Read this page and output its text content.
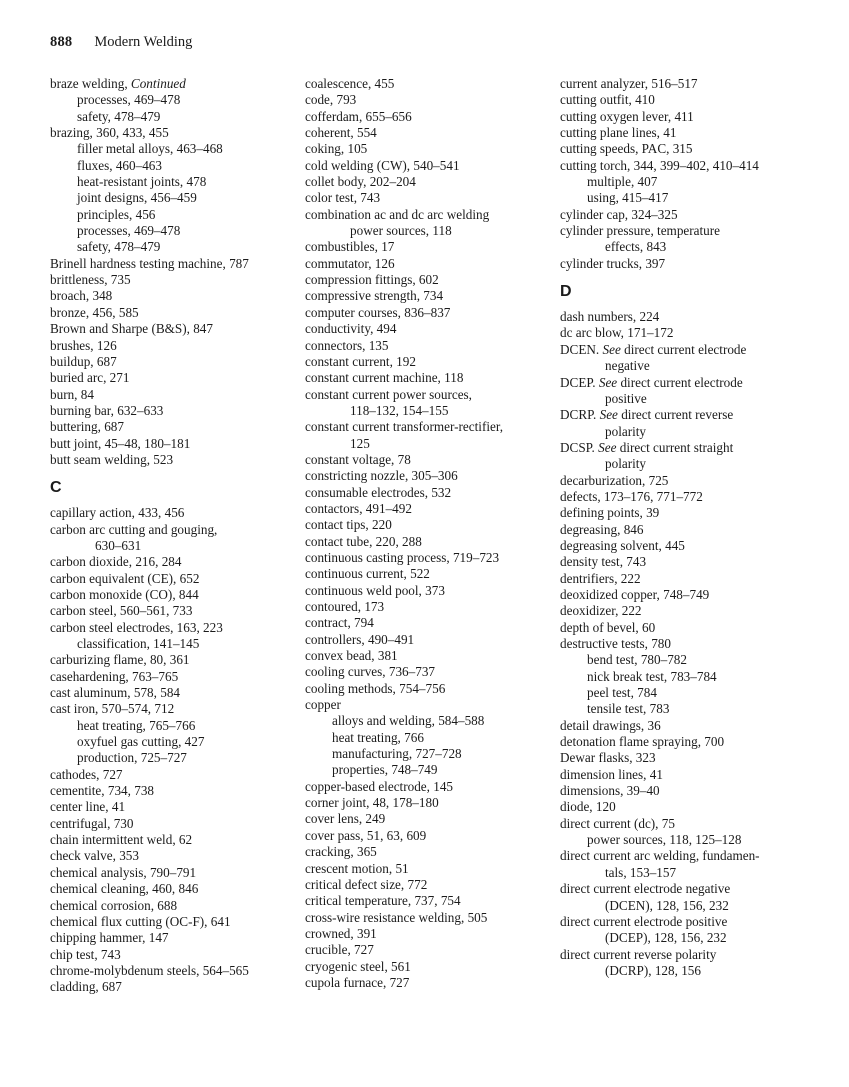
888 Modern Welding
braze welding, Continued
processes, 469–478
safety, 478–479
brazing, 360, 433, 455
filler metal alloys, 463–468
fluxes, 460–463
heat-resistant joints, 478
joint designs, 456–459
principles, 456
processes, 469–478
safety, 478–479
Brinell hardness testing machine, 787
brittleness, 735
broach, 348
bronze, 456, 585
Brown and Sharpe (B&S), 847
brushes, 126
buildup, 687
buried arc, 271
burn, 84
burning bar, 632–633
buttering, 687
butt joint, 45–48, 180–181
butt seam welding, 523
C
capillary action, 433, 456
carbon arc cutting and gouging,
630–631
carbon dioxide, 216, 284
carbon equivalent (CE), 652
carbon monoxide (CO), 844
carbon steel, 560–561, 733
carbon steel electrodes, 163, 223
classification, 141–145
carburizing flame, 80, 361
casehardening, 763–765
cast aluminum, 578, 584
cast iron, 570–574, 712
heat treating, 765–766
oxyfuel gas cutting, 427
production, 725–727
cathodes, 727
cementite, 734, 738
center line, 41
centrifugal, 730
chain intermittent weld, 62
check valve, 353
chemical analysis, 790–791
chemical cleaning, 460, 846
chemical corrosion, 688
chemical flux cutting (OC-F), 641
chipping hammer, 147
chip test, 743
chrome-molybdenum steels, 564–565
cladding, 687
coalescence, 455
code, 793
cofferdam, 655–656
coherent, 554
coking, 105
cold welding (CW), 540–541
collet body, 202–204
color test, 743
combination ac and dc arc welding
power sources, 118
combustibles, 17
commutator, 126
compression fittings, 602
compressive strength, 734
computer courses, 836–837
conductivity, 494
connectors, 135
constant current, 192
constant current machine, 118
constant current power sources,
118–132, 154–155
constant current transformer-rectifier,
125
constant voltage, 78
constricting nozzle, 305–306
consumable electrodes, 532
contactors, 491–492
contact tips, 220
contact tube, 220, 288
continuous casting process, 719–723
continuous current, 522
continuous weld pool, 373
contoured, 173
contract, 794
controllers, 490–491
convex bead, 381
cooling curves, 736–737
cooling methods, 754–756
copper
alloys and welding, 584–588
heat treating, 766
manufacturing, 727–728
properties, 748–749
copper-based electrode, 145
corner joint, 48, 178–180
cover lens, 249
cover pass, 51, 63, 609
cracking, 365
crescent motion, 51
critical defect size, 772
critical temperature, 737, 754
cross-wire resistance welding, 505
crowned, 391
crucible, 727
cryogenic steel, 561
cupola furnace, 727
current analyzer, 516–517
cutting outfit, 410
cutting oxygen lever, 411
cutting plane lines, 41
cutting speeds, PAC, 315
cutting torch, 344, 399–402, 410–414
multiple, 407
using, 415–417
cylinder cap, 324–325
cylinder pressure, temperature
effects, 843
cylinder trucks, 397
D
dash numbers, 224
dc arc blow, 171–172
DCEN. See direct current electrode
negative
DCEP. See direct current electrode
positive
DCRP. See direct current reverse
polarity
DCSP. See direct current straight
polarity
decarburization, 725
defects, 173–176, 771–772
defining points, 39
degreasing, 846
degreasing solvent, 445
density test, 743
dentrifiers, 222
deoxidized copper, 748–749
deoxidizer, 222
depth of bevel, 60
destructive tests, 780
bend test, 780–782
nick break test, 783–784
peel test, 784
tensile test, 783
detail drawings, 36
detonation flame spraying, 700
Dewar flasks, 323
dimension lines, 41
dimensions, 39–40
diode, 120
direct current (dc), 75
power sources, 118, 125–128
direct current arc welding, fundamen-
tals, 153–157
direct current electrode negative
(DCEN), 128, 156, 232
direct current electrode positive
(DCEP), 128, 156, 232
direct current reverse polarity
(DCRP), 128, 156
